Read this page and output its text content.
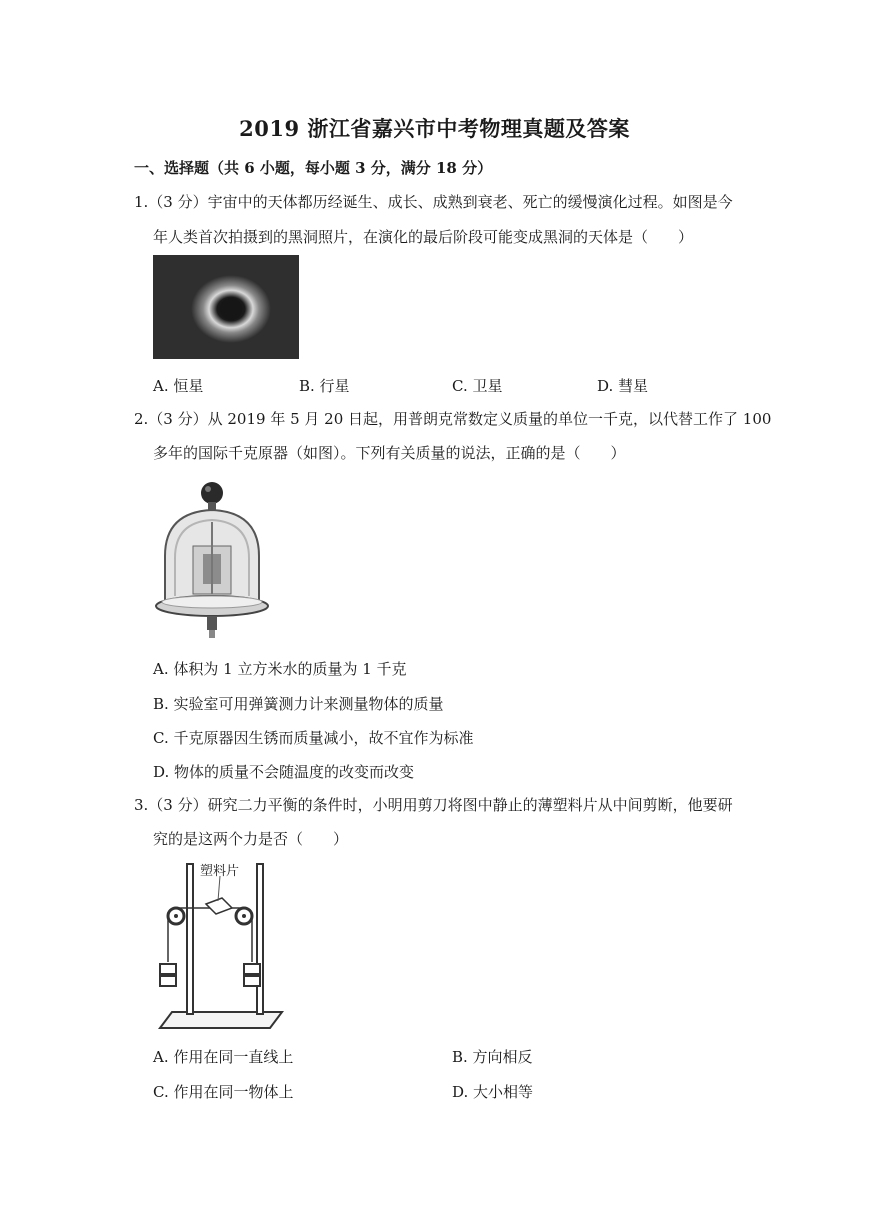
2019 浙江省嘉兴市中考物理真题及答案
一、选择题（共 6 小题，每小题 3 分，满分 18 分）
1.（3 分）宇宙中的天体都历经诞生、成长、成熟到衰老、死亡的缓慢演化过程。如图是今
年人类首次拍摄到的黑洞照片，在演化的最后阶段可能变成黑洞的天体是（　　）
A. 恒星	B. 行星	C. 卫星	D. 彗星
2.（3 分）从 2019 年 5 月 20 日起，用普朗克常数定义质量的单位一千克，以代替工作了 100
多年的国际千克原器（如图）。下列有关质量的说法，正确的是（　　）
A. 体积为 1 立方米水的质量为 1 千克
B. 实验室可用弹簧测力计来测量物体的质量
C. 千克原器因生锈而质量减小，故不宜作为标准
D. 物体的质量不会随温度的改变而改变
3.（3 分）研究二力平衡的条件时，小明用剪刀将图中静止的薄塑料片从中间剪断，他要研
究的是这两个力是否（　　）
塑料片
A. 作用在同一直线上	B. 方向相反
C. 作用在同一物体上	D. 大小相等
